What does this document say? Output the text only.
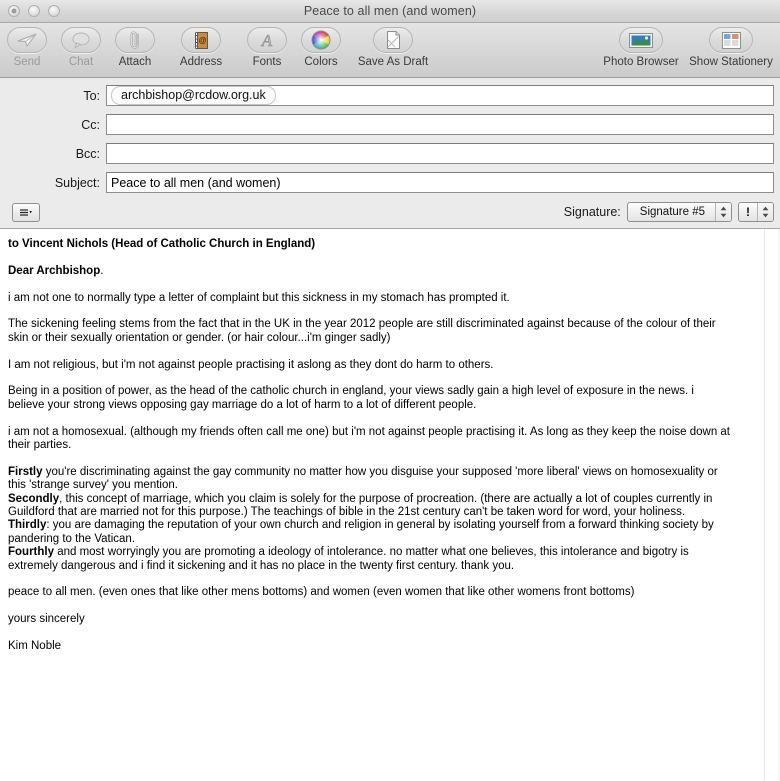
Peace to all men (and women)
Send Chat Attach
@
Address
A
Fonts Colors Save As Draft	Photo Browser Show Stationery
To:	archbishop@rcdow.org.uk
Cc:
Bcc:
Subject: Peace to all men (and women)
Signature:	Signature #5	!

to Vincent Nichols (Head of Catholic Church in England)

Dear Archbishop.

i am not one to normally type a letter of complaint but this sickness in my stomach has prompted it.

The sickening feeling stems from the fact that in the UK in the year 2012 people are still discriminated against because of the colour of their skin or their sexually orientation or gender. (or hair colour...i'm ginger sadly)

I am not religious, but i'm not against people practising it aslong as they dont do harm to others.

Being in a position of power, as the head of the catholic church in england, your views sadly gain a high level of exposure in the news. i believe your strong views opposing gay marriage do a lot of harm to a lot of different people.

i am not a homosexual. (although my friends often call me one) but i'm not against people practising it. As long as they keep the noise down at their parties.

Firstly you're discriminating against the gay community no matter how you disguise your supposed 'more liberal' views on homosexuality or this 'strange survey' you mention.

Secondly, this concept of marriage, which you claim is solely for the purpose of procreation. (there are actually a lot of couples currently in Guildford that are married not for this purpose.) The teachings of bible in the 21st century can't be taken word for word, your holiness.

Thirdly: you are damaging the reputation of your own church and religion in general by isolating yourself from a forward thinking society by pandering to the Vatican.

Fourthly and most worryingly you are promoting a ideology of intolerance. no matter what one believes, this intolerance and bigotry is extremely dangerous and i find it sickening and it has no place in the twenty first century. thank you.

peace to all men. (even ones that like other mens bottoms) and women (even women that like other womens front bottoms)

yours sincerely

Kim Noble
